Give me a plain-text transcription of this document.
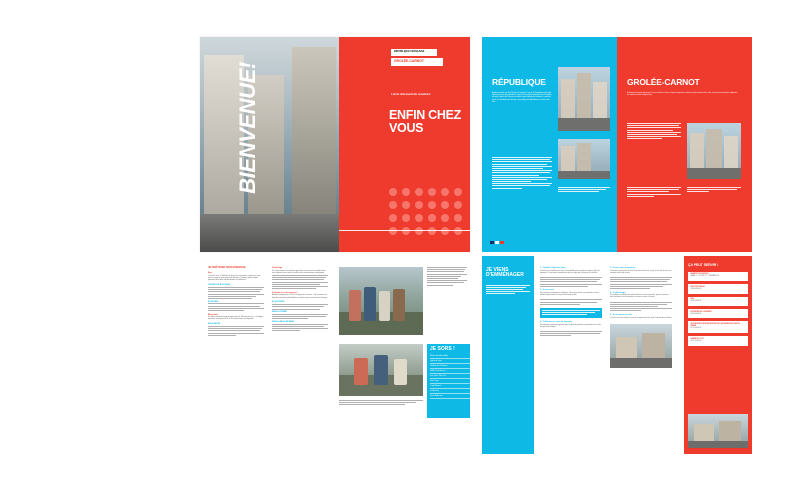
RÉPUBLIQUE FRANÇAISE
GROLÉE-CARNOT
Livret d'accueil du locataire
ENFIN CHEZ VOUS
BIENVENUE!	RÉPUBLIQUE
Appelée autrefois rue de la Ré par les Lyonnais, la rue de la République est réputée comme l'une des plus agréables à vivre en France. Artère principale de la Presqu'île, elle relie la place des Terreaux au sud de la place Bellecour et traverse le cœur des 1er et 2e arrondissements de Lyon; vous plongeant indéniablement au cœur de la ville.
GROLÉE-CARNOT
Entièrement rénovées depuis peu, les rues Grolée et Carnot, réputées jusqu'alors comme les plus luxueuses de la ville, sont en passe de devenir également les endroits les plus trendy de Lyon.
JE MAÎTRISE MON ÉNERGIE
Eau
La France, avec 12 milliards de litres d'eau consommés chaque jour, reste parmi les pays les plus gourmands d'Europe. Quelques gestes simples permettent de réduire significativement ses dépenses.
CONSEILS DE BON USAGE
ÉCONOMIES
Électricité
Un robinet qui goutte laisse échapper près de 100 litres par jour. Le chauffage représente en moyenne 62% de la consommation d'un logement.
BON À SAVOIR
Chauffage
Il n'est pas toujours nous devons apprendre comment un bon équilibre dans votre logement entre confort et maîtrise des consommations énergétiques.
J'adopte les bons gestes !
Adopter la température au 19 ou 20 degrés de la maison, c'est l'assurance de faire des économies substantielles en confort et pour les économies d'énergie.
AU QUOTIDIEN
DANS LA CUISINE
DANS LA SALLE DE BAINS
JE SORS !
Musée des Beaux-Arts
Opéra de Lyon
Théâtre des Célestins
Halles Paul Bocuse
Parc de la Tête d'Or
Vieux Lyon
Croix-Rousse
Confluence
Place Bellecour
JE VIENS D'EMMÉNAGER
1. J'établis l'état des lieux
L'état des lieux établi lors de votre arrivée détaille pièce par pièce l'aspect et l'état du logement. Ce document contradictoire doit être signé par le locataire et le bailleur.
2. Je m'assure
Une assurance habitation est obligatoire. Vous devez fournir une attestation à votre bailleur chaque année à la date anniversaire du bail.
4. J'effectue un suivi de garantie
Votre dossier comprend l'appel de loyer, le dépôt de garantie correspondant à un mois de loyer hors charges.
3. J'ouvre mes compteurs
Contactez le fournisseur de votre choix pour l'électricité, le gaz et l'eau afin d'ouvrir vos compteurs dès votre arrivée.
5. Je déménage
Pour adapter vos démarches administratives et votre connexion, pensez à prévenir votre assureur et vos fournisseurs au moins un mois à l'avance.
6. Je récupère ma clés
Les clés vous sont remises le jour de la signature du bail, après l'état des lieux d'entrée.
ÇA PEUT SERVIR !
NUMÉROS D'URGENCE
SAMU 15 · POLICE 17 · POMPIERS 18
ÉLECTRICITÉ/GAZ
0 800 00 00 00
EAU
09 69 39 69 99
ENTRETIEN DU LOGEMENT
04 00 00 00 00
AUTORISATION D'INTERVENTION DE L'ASCENSEUR EN CAS DE PANNE
04 72 00 00 00
MAIRIE DE LYON
04 72 10 30 30
